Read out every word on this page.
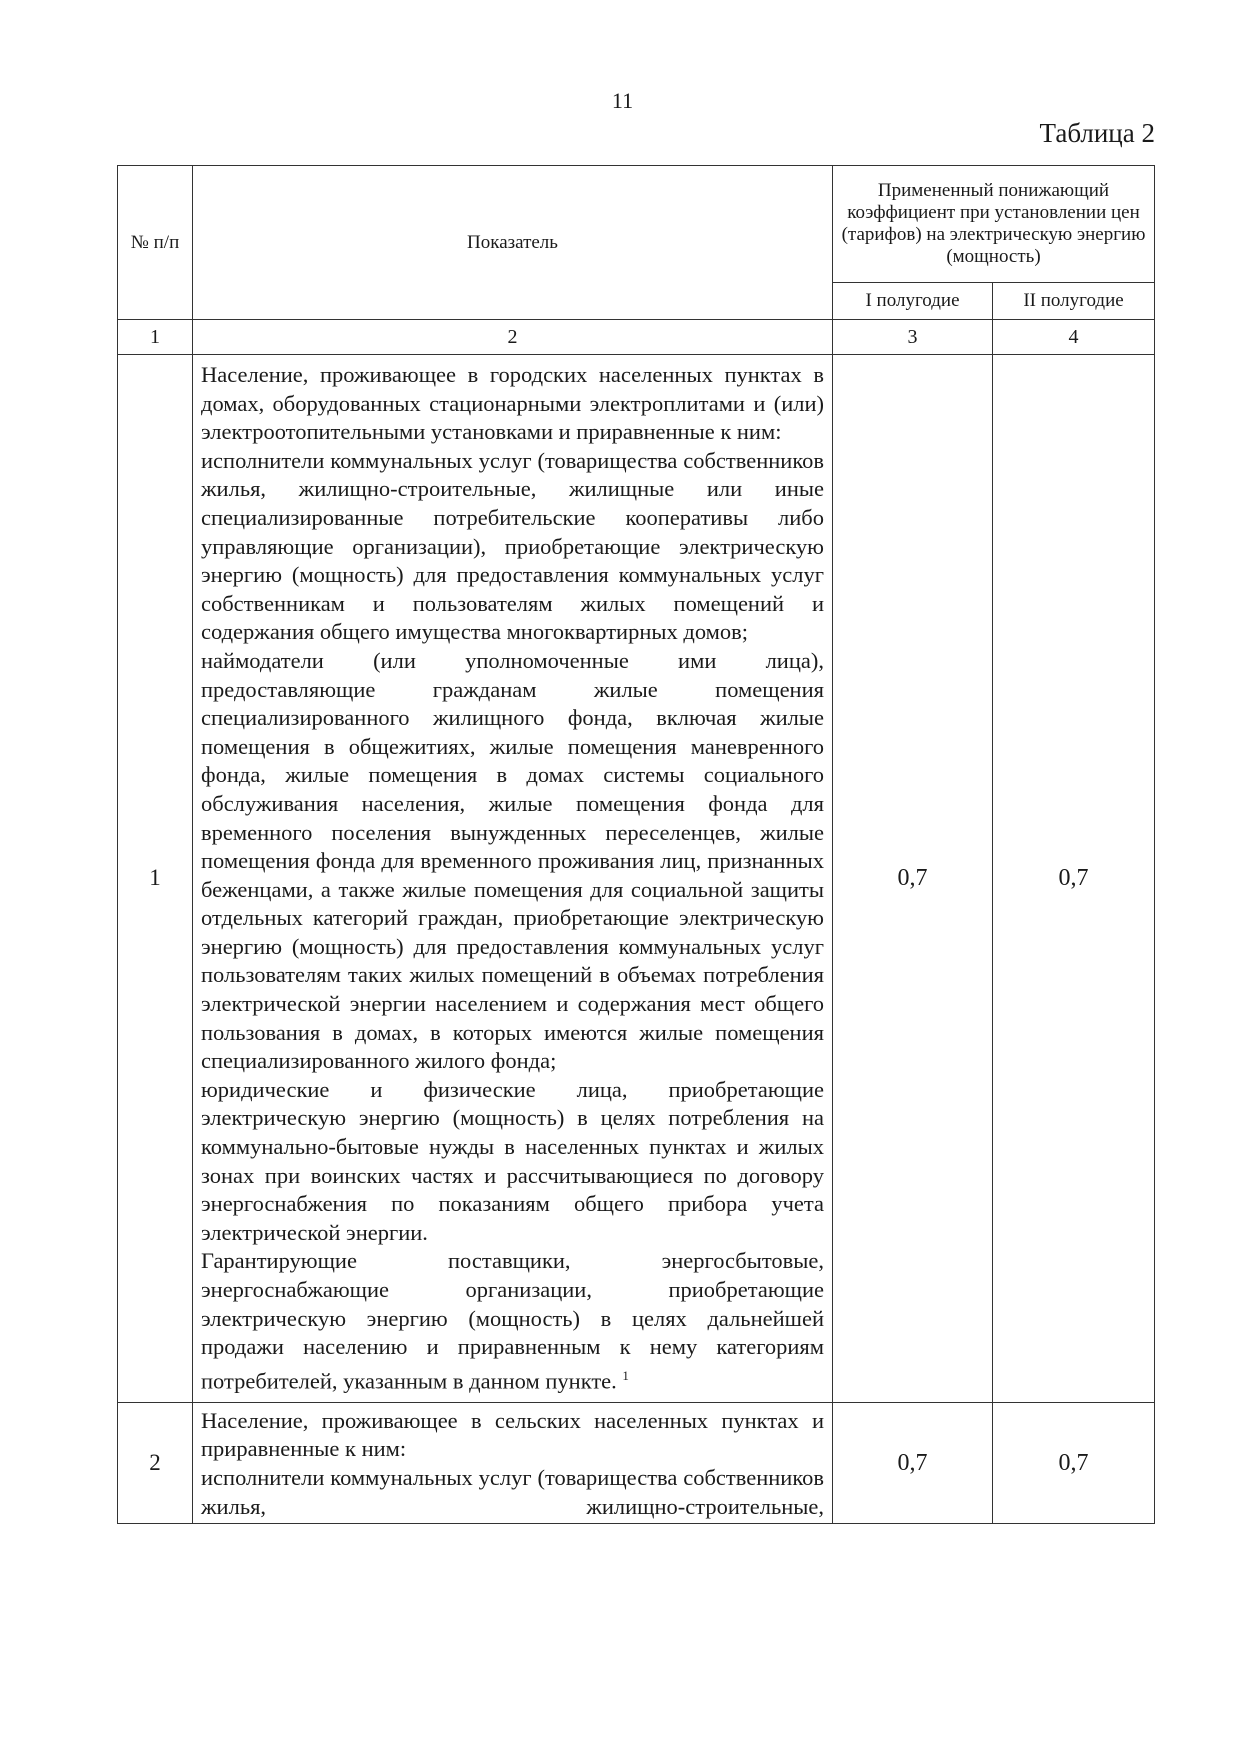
11
Таблица 2
№ п/п	Показатель	Примененный понижающий коэффициент при установлении цен (тарифов) на электрическую энергию (мощность)	
		I полугодие	II полугодие
1	2	3	4
1	Население, проживающее в городских населенных пунктах в домах, оборудованных стационарными электроплитами и (или) электроотопительными установками и приравненные к ним:

исполнители коммунальных услуг (товарищества собственников жилья, жилищно-строительные, жилищные или иные специализированные потребительские кооперативы либо управляющие организации), приобретающие электрическую энергию (мощность) для предоставления коммунальных услуг собственникам и пользователям жилых помещений и содержания общего имущества многоквартирных домов;

наймодатели (или уполномоченные ими лица), предоставляющие гражданам жилые помещения специализированного жилищного фонда, включая жилые помещения в общежитиях, жилые помещения маневренного фонда, жилые помещения в домах системы социального обслуживания населения, жилые помещения фонда для временного поселения вынужденных переселенцев, жилые помещения фонда для временного проживания лиц, признанных беженцами, а также жилые помещения для социальной защиты отдельных категорий граждан, приобретающие электрическую энергию (мощность) для предоставления коммунальных услуг пользователям таких жилых помещений в объемах потребления электрической энергии населением и содержания мест общего пользования в домах, в которых имеются жилые помещения специализированного жилого фонда;

юридические и физические лица, приобретающие электрическую энергию (мощность) в целях потребления на коммунально-бытовые нужды в населенных пунктах и жилых зонах при воинских частях и рассчитывающиеся по договору энергоснабжения по показаниям общего прибора учета электрической энергии.

Гарантирующие поставщики, энергосбытовые, энергоснабжающие организации, приобретающие электрическую энергию (мощность) в целях дальнейшей продажи населению и приравненным к нему категориям потребителей, указанным в данном пункте. $^1$	0,7	0,7
2	Население, проживающее в сельских населенных пунктах и приравненные к ним:

исполнители коммунальных услуг (товарищества собственников жилья, жилищно-строительные,	0,7	0,7
